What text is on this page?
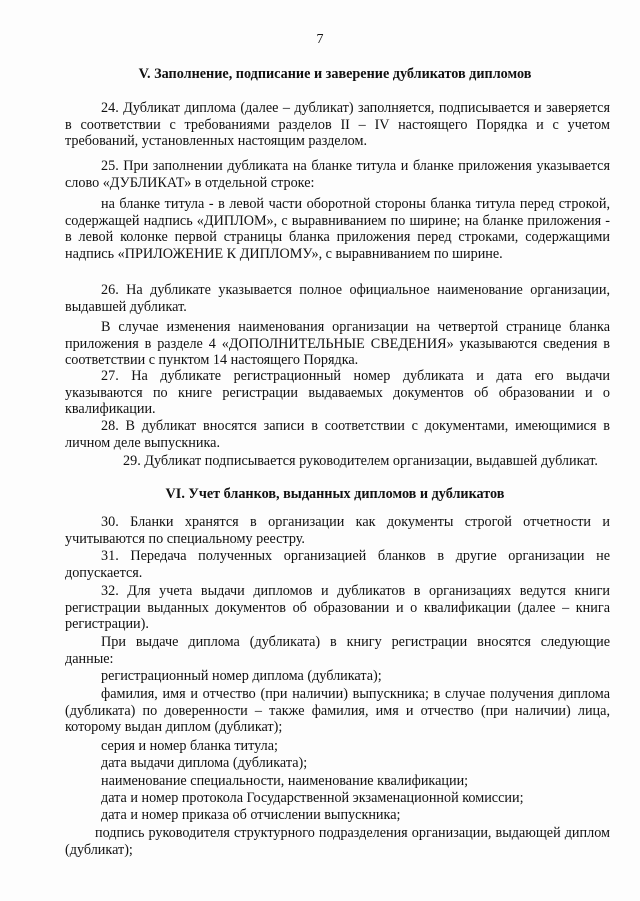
7
V. Заполнение, подписание и заверение дубликатов дипломов

24. Дубликат диплома (далее – дубликат) заполняется, подписывается и заверяется в соответствии с требованиями разделов II – IV настоящего Порядка и с учетом требований, установленных настоящим разделом.

25. При заполнении дубликата на бланке титула и бланке приложения указывается слово «ДУБЛИКАТ» в отдельной строке:

на бланке титула - в левой части оборотной стороны бланка титула перед строкой, содержащей надпись «ДИПЛОМ», с выравниванием по ширине; на бланке приложения - в левой колонке первой страницы бланка приложения перед строками, содержащими надпись «ПРИЛОЖЕНИЕ К ДИПЛОМУ», с выравниванием по ширине.

26. На дубликате указывается полное официальное наименование организации, выдавшей дубликат.

В случае изменения наименования организации на четвертой странице бланка приложения в разделе 4 «ДОПОЛНИТЕЛЬНЫЕ СВЕДЕНИЯ» указываются сведения в соответствии с пунктом 14 настоящего Порядка.

27. На дубликате регистрационный номер дубликата и дата его выдачи указываются по книге регистрации выдаваемых документов об образовании и о квалификации.

28. В дубликат вносятся записи в соответствии с документами, имеющимися в личном деле выпускника.

29. Дубликат подписывается руководителем организации, выдавшей дубликат.

VI. Учет бланков, выданных дипломов и дубликатов

30. Бланки хранятся в организации как документы строгой отчетности и учитываются по специальному реестру.

31. Передача полученных организацией бланков в другие организации не допускается.

32. Для учета выдачи дипломов и дубликатов в организациях ведутся книги регистрации выданных документов об образовании и о квалификации (далее – книга регистрации).

При выдаче диплома (дубликата) в книгу регистрации вносятся следующие данные:

регистрационный номер диплома (дубликата);

фамилия, имя и отчество (при наличии) выпускника; в случае получения диплома (дубликата) по доверенности – также фамилия, имя и отчество (при наличии) лица, которому выдан диплом (дубликат);

серия и номер бланка титула;

дата выдачи диплома (дубликата);

наименование специальности, наименование квалификации;

дата и номер протокола Государственной экзаменационной комиссии;

дата и номер приказа об отчислении выпускника;

подпись руководителя структурного подразделения организации, выдающей диплом (дубликат);
